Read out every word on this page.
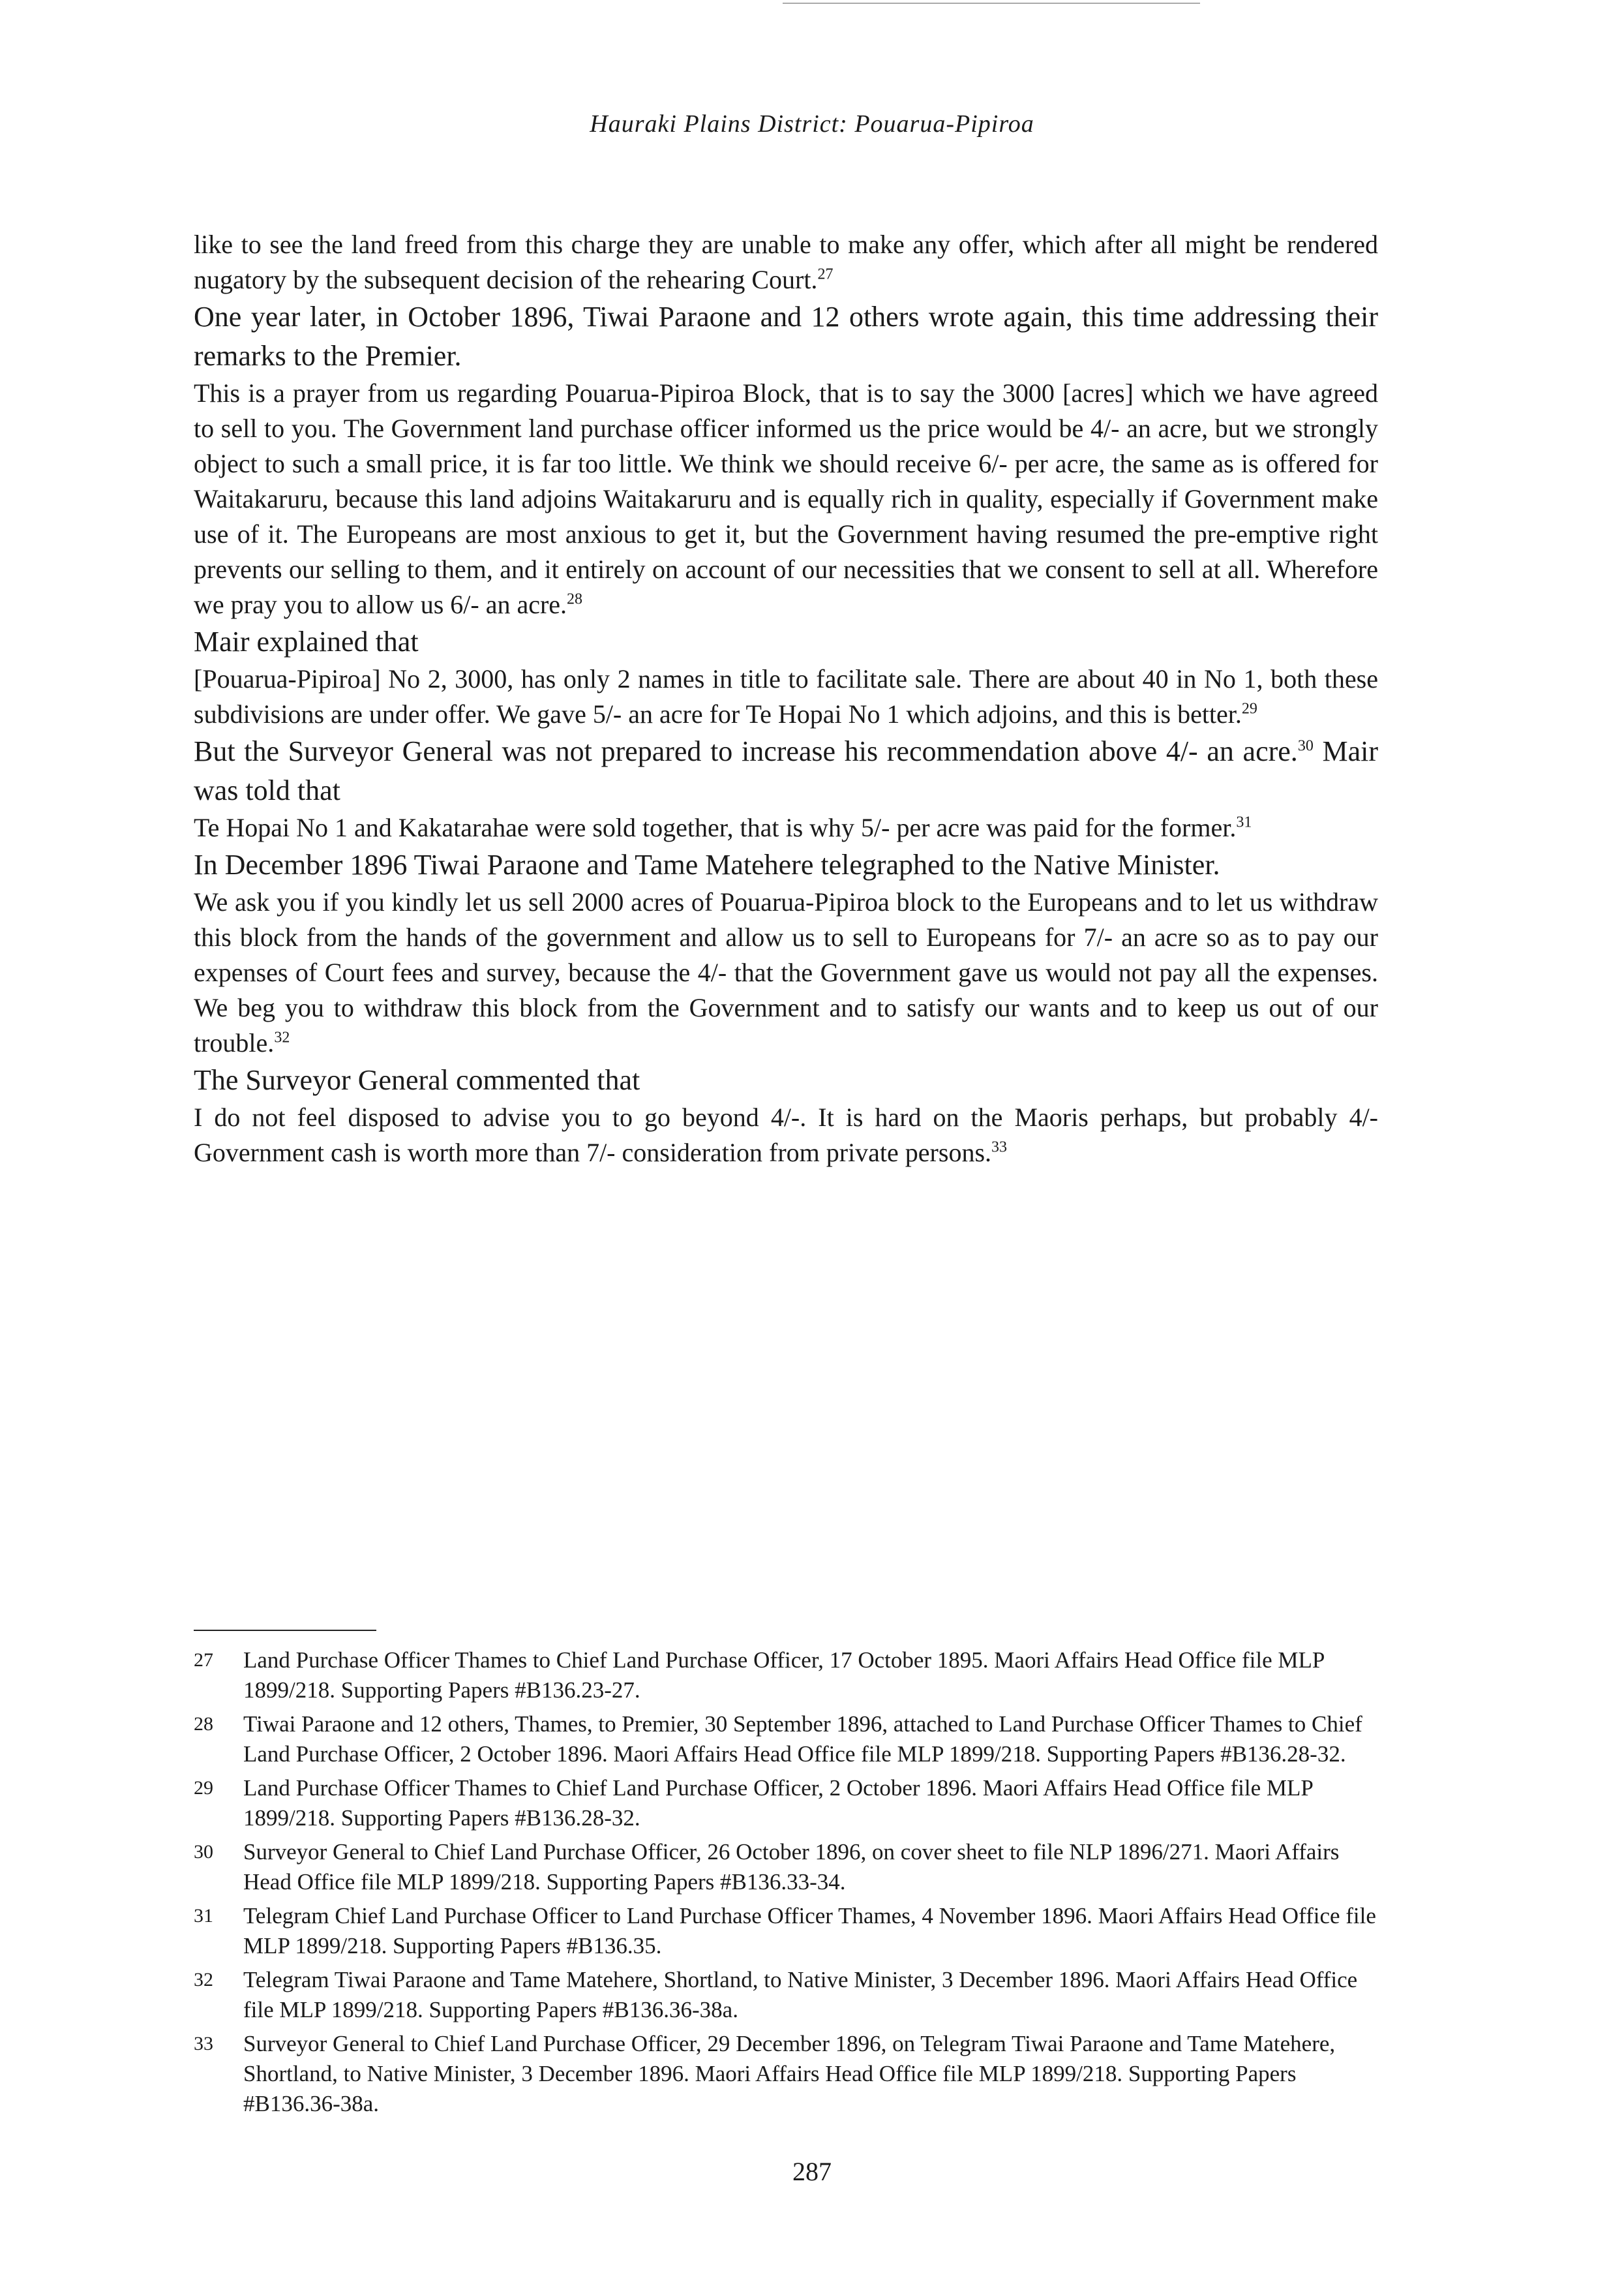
Hauraki Plains District: Pouarua-Pipiroa

like to see the land freed from this charge they are unable to make any offer, which after all might be rendered nugatory by the subsequent decision of the rehearing Court.$^{27}$

One year later, in October 1896, Tiwai Paraone and 12 others wrote again, this time addressing their remarks to the Premier.

This is a prayer from us regarding Pouarua-Pipiroa Block, that is to say the 3000 [acres] which we have agreed to sell to you. The Government land purchase officer informed us the price would be 4/- an acre, but we strongly object to such a small price, it is far too little. We think we should receive 6/- per acre, the same as is offered for Waitakaruru, because this land adjoins Waitakaruru and is equally rich in quality, especially if Government make use of it. The Europeans are most anxious to get it, but the Government having resumed the pre-emptive right prevents our selling to them, and it entirely on account of our necessities that we consent to sell at all. Wherefore we pray you to allow us 6/- an acre.$^{28}$

Mair explained that

[Pouarua-Pipiroa] No 2, 3000, has only 2 names in title to facilitate sale. There are about 40 in No 1, both these subdivisions are under offer. We gave 5/- an acre for Te Hopai No 1 which adjoins, and this is better.$^{29}$

But the Surveyor General was not prepared to increase his recommendation above 4/- an acre.$^{30}$ Mair was told that

Te Hopai No 1 and Kakatarahae were sold together, that is why 5/- per acre was paid for the former.$^{31}$

In December 1896 Tiwai Paraone and Tame Matehere telegraphed to the Native Minister.

We ask you if you kindly let us sell 2000 acres of Pouarua-Pipiroa block to the Europeans and to let us withdraw this block from the hands of the government and allow us to sell to Europeans for 7/- an acre so as to pay our expenses of Court fees and survey, because the 4/- that the Government gave us would not pay all the expenses. We beg you to withdraw this block from the Government and to satisfy our wants and to keep us out of our trouble.$^{32}$

The Surveyor General commented that

I do not feel disposed to advise you to go beyond 4/-. It is hard on the Maoris perhaps, but probably 4/- Government cash is worth more than 7/- consideration from private persons.$^{33}$

27	Land Purchase Officer Thames to Chief Land Purchase Officer, 17 October 1895. Maori Affairs Head Office file MLP 1899/218. Supporting Papers #B136.23-27.
28	Tiwai Paraone and 12 others, Thames, to Premier, 30 September 1896, attached to Land Purchase Officer Thames to Chief Land Purchase Officer, 2 October 1896. Maori Affairs Head Office file MLP 1899/218. Supporting Papers #B136.28-32.
29	Land Purchase Officer Thames to Chief Land Purchase Officer, 2 October 1896. Maori Affairs Head Office file MLP 1899/218. Supporting Papers #B136.28-32.
30	Surveyor General to Chief Land Purchase Officer, 26 October 1896, on cover sheet to file NLP 1896/271. Maori Affairs Head Office file MLP 1899/218. Supporting Papers #B136.33-34.
31	Telegram Chief Land Purchase Officer to Land Purchase Officer Thames, 4 November 1896. Maori Affairs Head Office file MLP 1899/218. Supporting Papers #B136.35.
32	Telegram Tiwai Paraone and Tame Matehere, Shortland, to Native Minister, 3 December 1896. Maori Affairs Head Office file MLP 1899/218. Supporting Papers #B136.36-38a.
33	Surveyor General to Chief Land Purchase Officer, 29 December 1896, on Telegram Tiwai Paraone and Tame Matehere, Shortland, to Native Minister, 3 December 1896. Maori Affairs Head Office file MLP 1899/218. Supporting Papers #B136.36-38a.
287
